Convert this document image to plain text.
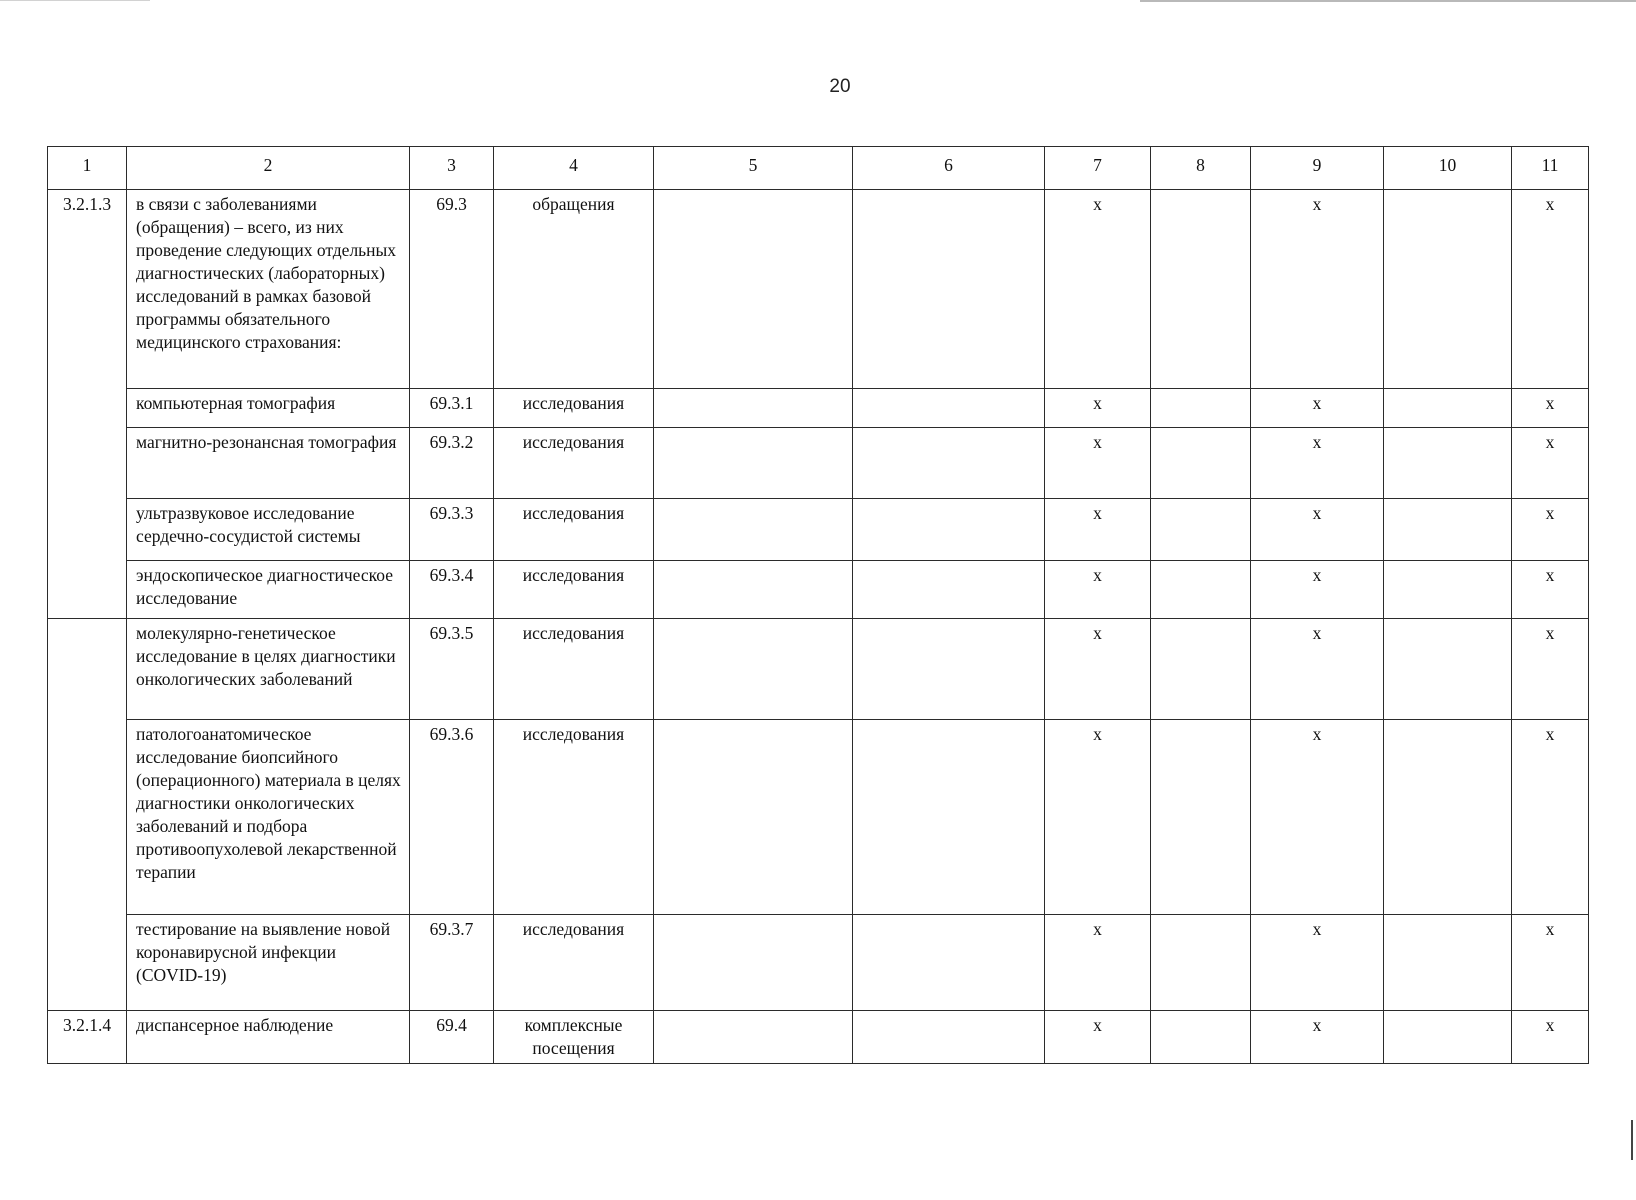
20
1	2	3	4	5	6	7	8	9	10	11
3.2.1.3	в связи с заболеваниями (обращения) – всего, из них проведение следующих отдельных диагностических (лабораторных) исследований в рамках базовой программы обязательного медицинского страхования:	69.3	обращения			x		x		x
	компьютерная томография	69.3.1	исследования			x		x		x
	магнитно-резонансная томография	69.3.2	исследования			x		x		x
	ультразвуковое исследование сердечно-сосудистой системы	69.3.3	исследования			x		x		x
	эндоскопическое диагностическое исследование	69.3.4	исследования			x		x		x
	молекулярно-генетическое исследование в целях диагностики онкологических заболеваний	69.3.5	исследования			x		x		x
	патологоанатомическое исследование биопсийного (операционного) материала в целях диагностики онкологических заболеваний и подбора противоопухолевой лекарственной терапии	69.3.6	исследования			x		x		x
	тестирование на выявление новой коронавирусной инфекции (COVID-19)	69.3.7	исследования			x		x		x
3.2.1.4	диспансерное наблюдение	69.4	комплексные посещения			x		x		x
